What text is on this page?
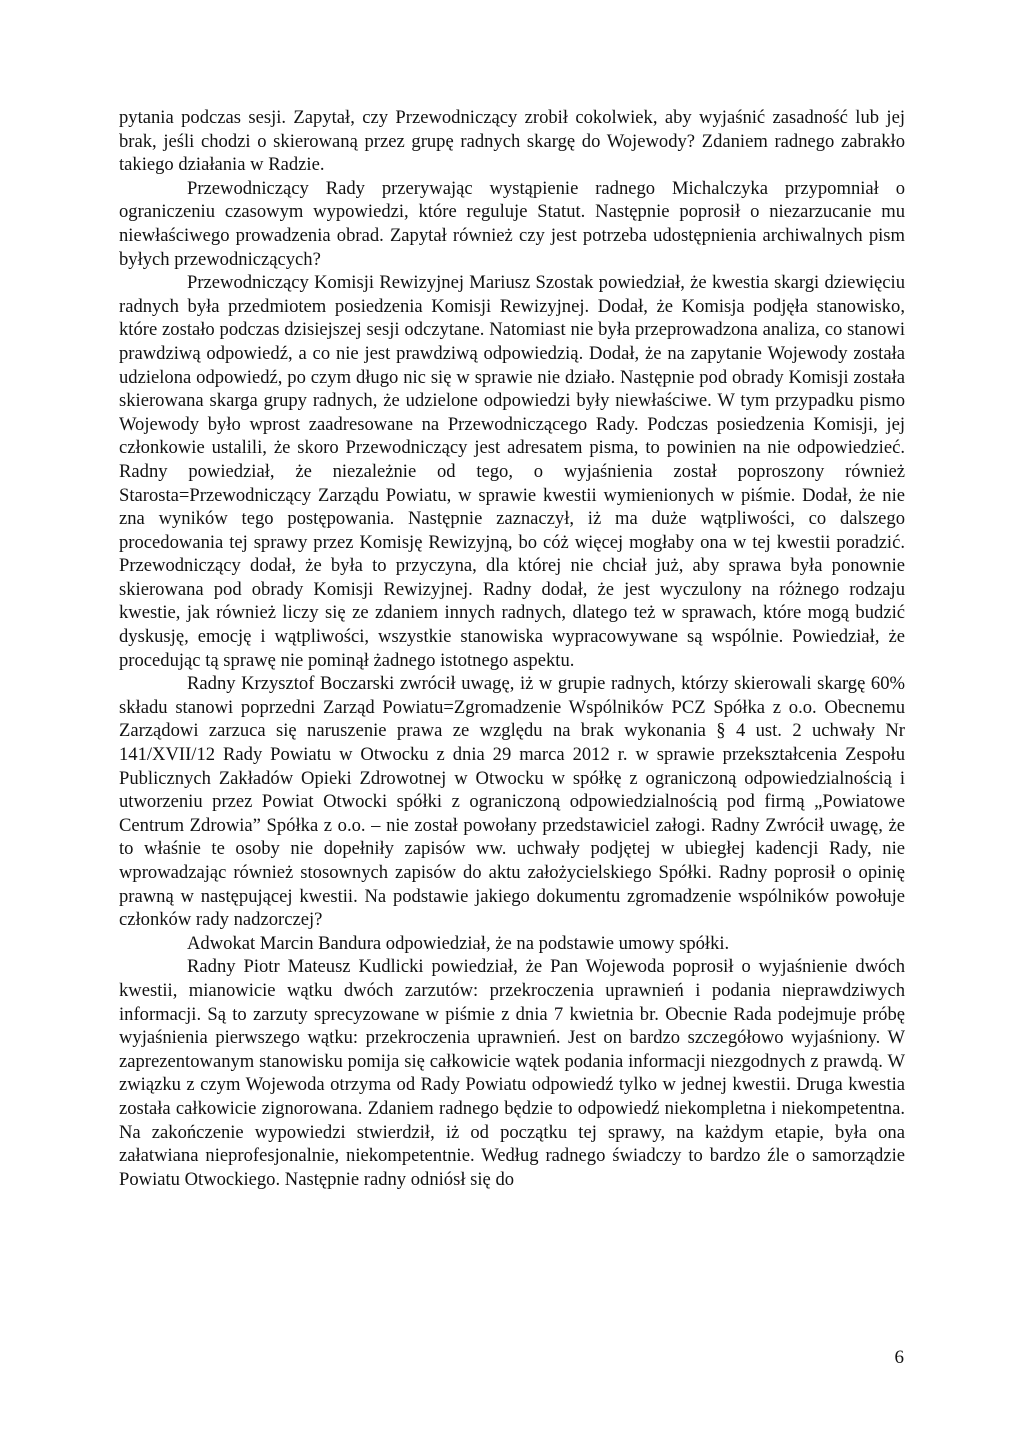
pytania podczas sesji. Zapytał, czy Przewodniczący zrobił cokolwiek, aby wyjaśnić zasadność lub jej brak, jeśli chodzi o skierowaną przez grupę radnych skargę do Wojewody? Zdaniem radnego zabrakło takiego działania w Radzie.

Przewodniczący Rady przerywając wystąpienie radnego Michalczyka przypomniał o ograniczeniu czasowym wypowiedzi, które reguluje Statut. Następnie poprosił o niezarzucanie mu niewłaściwego prowadzenia obrad. Zapytał również czy jest potrzeba udostępnienia archiwalnych pism byłych przewodniczących?

Przewodniczący Komisji Rewizyjnej Mariusz Szostak powiedział, że kwestia skargi dziewięciu radnych była przedmiotem posiedzenia Komisji Rewizyjnej. Dodał, że Komisja podjęła stanowisko, które zostało podczas dzisiejszej sesji odczytane. Natomiast nie była przeprowadzona analiza, co stanowi prawdziwą odpowiedź, a co nie jest prawdziwą odpowiedzią. Dodał, że na zapytanie Wojewody została udzielona odpowiedź, po czym długo nic się w sprawie nie działo. Następnie pod obrady Komisji została skierowana skarga grupy radnych, że udzielone odpowiedzi były niewłaściwe. W tym przypadku pismo Wojewody było wprost zaadresowane na Przewodniczącego Rady. Podczas posiedzenia Komisji, jej członkowie ustalili, że skoro Przewodniczący jest adresatem pisma, to powinien na nie odpowiedzieć. Radny powiedział, że niezależnie od tego, o wyjaśnienia został poproszony również Starosta=Przewodniczący Zarządu Powiatu, w sprawie kwestii wymienionych w piśmie. Dodał, że nie zna wyników tego postępowania. Następnie zaznaczył, iż ma duże wątpliwości, co dalszego procedowania tej sprawy przez Komisję Rewizyjną, bo cóż więcej mogłaby ona w tej kwestii poradzić. Przewodniczący dodał, że była to przyczyna, dla której nie chciał już, aby sprawa była ponownie skierowana pod obrady Komisji Rewizyjnej. Radny dodał, że jest wyczulony na różnego rodzaju kwestie, jak również liczy się ze zdaniem innych radnych, dlatego też w sprawach, które mogą budzić dyskusję, emocję i wątpliwości, wszystkie stanowiska wypracowywane są wspólnie. Powiedział, że procedując tą sprawę nie pominął żadnego istotnego aspektu.

Radny Krzysztof Boczarski zwrócił uwagę, iż w grupie radnych, którzy skierowali skargę 60% składu stanowi poprzedni Zarząd Powiatu=Zgromadzenie Wspólników PCZ Spółka z o.o. Obecnemu Zarządowi zarzuca się naruszenie prawa ze względu na brak wykonania § 4 ust. 2 uchwały Nr 141/XVII/12 Rady Powiatu w Otwocku z dnia 29 marca 2012 r. w sprawie przekształcenia Zespołu Publicznych Zakładów Opieki Zdrowotnej w Otwocku w spółkę z ograniczoną odpowiedzialnością i utworzeniu przez Powiat Otwocki spółki z ograniczoną odpowiedzialnością pod firmą „Powiatowe Centrum Zdrowia” Spółka z o.o. – nie został powołany przedstawiciel załogi. Radny Zwrócił uwagę, że to właśnie te osoby nie dopełniły zapisów ww. uchwały podjętej w ubiegłej kadencji Rady, nie wprowadzając również stosownych zapisów do aktu założycielskiego Spółki. Radny poprosił o opinię prawną w następującej kwestii. Na podstawie jakiego dokumentu zgromadzenie wspólników powołuje członków rady nadzorczej?

Adwokat Marcin Bandura odpowiedział, że na podstawie umowy spółki.

Radny Piotr Mateusz Kudlicki powiedział, że Pan Wojewoda poprosił o wyjaśnienie dwóch kwestii, mianowicie wątku dwóch zarzutów: przekroczenia uprawnień i podania nieprawdziwych informacji. Są to zarzuty sprecyzowane w piśmie z dnia 7 kwietnia br. Obecnie Rada podejmuje próbę wyjaśnienia pierwszego wątku: przekroczenia uprawnień. Jest on bardzo szczegółowo wyjaśniony. W zaprezentowanym stanowisku pomija się całkowicie wątek podania informacji niezgodnych z prawdą. W związku z czym Wojewoda otrzyma od Rady Powiatu odpowiedź tylko w jednej kwestii. Druga kwestia została całkowicie zignorowana. Zdaniem radnego będzie to odpowiedź niekompletna i niekompetentna. Na zakończenie wypowiedzi stwierdził, iż od początku tej sprawy, na każdym etapie, była ona załatwiana nieprofesjonalnie, niekompetentnie. Według radnego świadczy to bardzo źle o samorządzie Powiatu Otwockiego. Następnie radny odniósł się do

6
